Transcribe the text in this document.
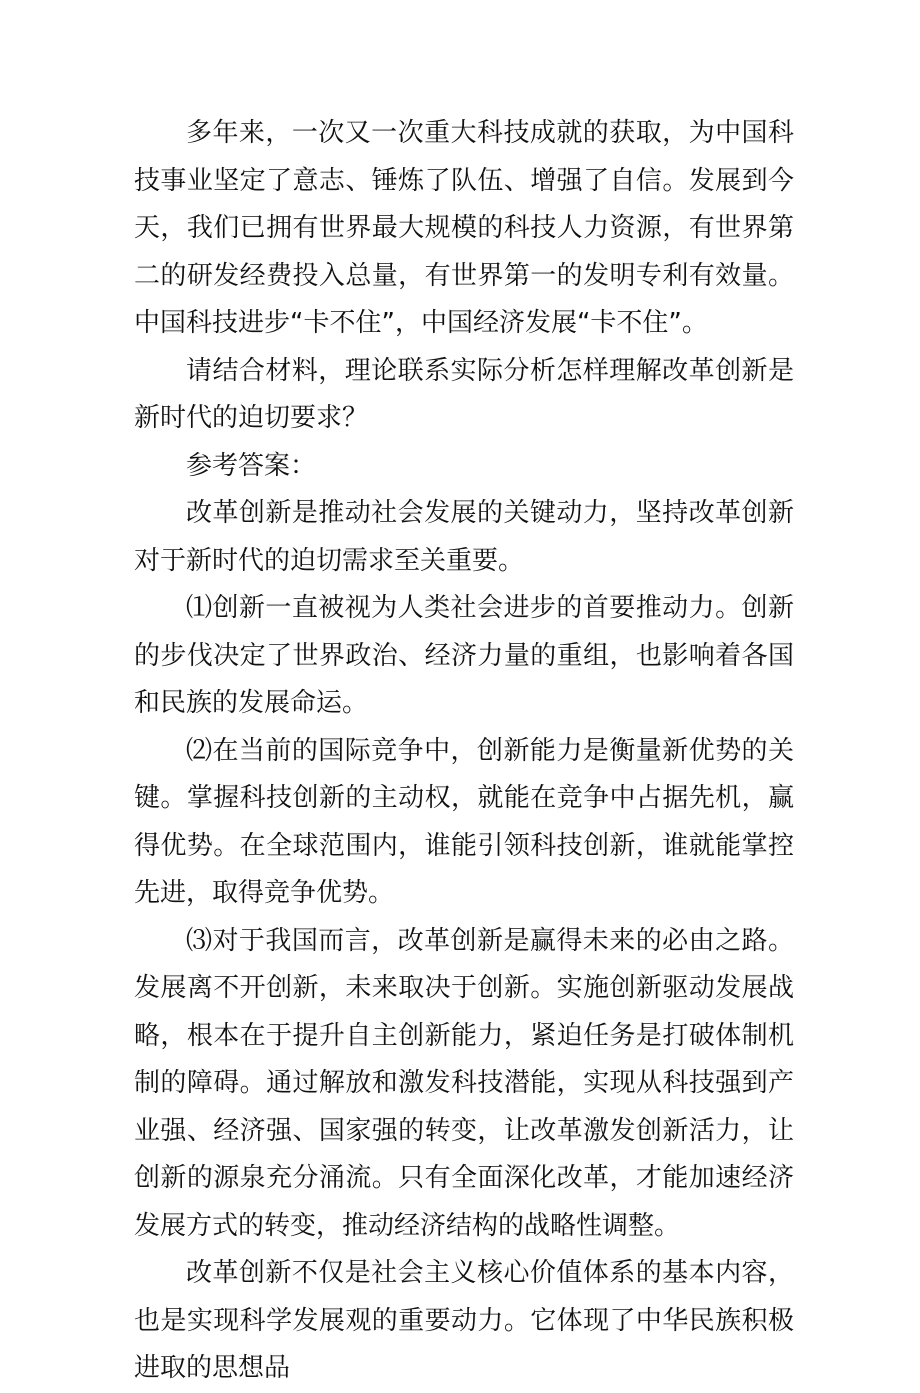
多年来，一次又一次重大科技成就的获取，为中国科技事业坚定了意志、锤炼了队伍、增强了自信。发展到今天，我们已拥有世界最大规模的科技人力资源，有世界第二的研发经费投入总量，有世界第一的发明专利有效量。中国科技进步“卡不住”，中国经济发展“卡不住”。

请结合材料，理论联系实际分析怎样理解改革创新是新时代的迫切要求？

参考答案：

改革创新是推动社会发展的关键动力，坚持改革创新对于新时代的迫切需求至关重要。

⑴创新一直被视为人类社会进步的首要推动力。创新的步伐决定了世界政治、经济力量的重组，也影响着各国和民族的发展命运。

⑵在当前的国际竞争中，创新能力是衡量新优势的关键。掌握科技创新的主动权，就能在竞争中占据先机，赢得优势。在全球范围内，谁能引领科技创新，谁就能掌控先进，取得竞争优势。

⑶对于我国而言，改革创新是赢得未来的必由之路。发展离不开创新，未来取决于创新。实施创新驱动发展战略，根本在于提升自主创新能力，紧迫任务是打破体制机制的障碍。通过解放和激发科技潜能，实现从科技强到产业强、经济强、国家强的转变，让改革激发创新活力，让创新的源泉充分涌流。只有全面深化改革，才能加速经济发展方式的转变，推动经济结构的战略性调整。

改革创新不仅是社会主义核心价值体系的基本内容，也是实现科学发展观的重要动力。它体现了中华民族积极进取的思想品
